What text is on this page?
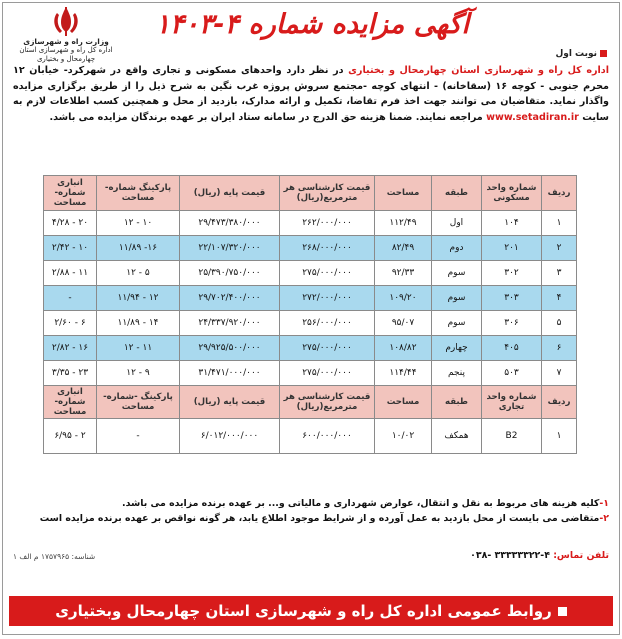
آگهی مزایده شماره ۴-۱۴۰۳
وزارت راه و شهرسازی
اداره کل راه و شهرسازی استان
چهارمحال و بختیاری	نوبت اول
اداره کل راه و شهرسازی استان چهارمحال و بختیاری در نظر دارد واحدهای مسکونی و تجاری واقع در شهرکرد- خیابان ۱۲ محرم جنوبی - کوچه ۱۶ (سقاخانه) - انتهای کوچه -مجتمع سروش پروژه غرب نگین به شرح ذیل را از طریق برگزاری مزایده واگذار نماید. متقاضیان می توانند جهت اخذ فرم تقاضا، تکمیل و ارائه مدارک، بازدید از محل و همچنین کسب اطلاعات لازم به سایت www.setadiran.ir مراجعه نمایند. ضمنا هزینه حق الدرج در سامانه ستاد ایران بر عهده برندگان مزایده می باشد.
ردیف	شماره واحد مسکونی	طبقه	مساحت	قیمت کارشناسی هر مترمربع(ریال)	قیمت پایه (ریال)	پارکینگ شماره-مساحت	انباری شماره-مساحت
۱	۱۰۴	اول	۱۱۲/۴۹	۲۶۲/۰۰۰/۰۰۰	۲۹/۴۷۳/۳۸۰/۰۰۰	۱۰ - ۱۲	۲۰ - ۴/۲۸
۲	۲۰۱	دوم	۸۲/۴۹	۲۶۸/۰۰۰/۰۰۰	۲۲/۱۰۷/۳۲۰/۰۰۰	۱۶- ۱۱/۸۹	۱۰ - ۲/۴۲
۳	۳۰۲	سوم	۹۲/۳۳	۲۷۵/۰۰۰/۰۰۰	۲۵/۳۹۰/۷۵۰/۰۰۰	۵ - ۱۲	۱۱ - ۲/۸۸
۴	۳۰۳	سوم	۱۰۹/۲۰	۲۷۲/۰۰۰/۰۰۰	۲۹/۷۰۲/۴۰۰/۰۰۰	۱۲ - ۱۱/۹۴	-
۵	۳۰۶	سوم	۹۵/۰۷	۲۵۶/۰۰۰/۰۰۰	۲۴/۳۳۷/۹۲۰/۰۰۰	۱۴ - ۱۱/۸۹	۶ - ۲/۶۰
۶	۴۰۵	چهارم	۱۰۸/۸۲	۲۷۵/۰۰۰/۰۰۰	۲۹/۹۲۵/۵۰۰/۰۰۰	۱۱ - ۱۲	۱۶ - ۲/۸۲
۷	۵۰۳	پنجم	۱۱۴/۴۴	۲۷۵/۰۰۰/۰۰۰	۳۱/۴۷۱/۰۰۰/۰۰۰	۹ - ۱۲	۲۳ - ۳/۳۵
ردیف	شماره واحد تجاری	طبقه	مساحت	قیمت کارشناسی هر مترمربع(ریال)	قیمت پایه (ریال)	پارکینگ -شماره-مساحت	انباری شماره-مساحت
۱	B2	همکف	۱۰/۰۲	۶۰۰/۰۰۰/۰۰۰	۶/۰۱۲/۰۰۰/۰۰۰	-	۲ - ۶/۹۵
۱-کلیه هزینه های مربوط به نقل و انتقال، عوارض شهرداری و مالیاتی و... بر عهده برنده مزایده می باشد.
۲-متقاضی می بایست از محل بازدید به عمل آورده و از شرایط موجود اطلاع یابد، هر گونه نواقص بر عهده برنده مزایده است
تلفن تماس: ۴-۳۳۳۳۳۳۲۲ -۰۳۸
شناسه: ۱۷۵۷۹۶۵ م الف ۱
روابط عمومی اداره کل راه و شهرسازی استان چهارمحال وبختیاری
